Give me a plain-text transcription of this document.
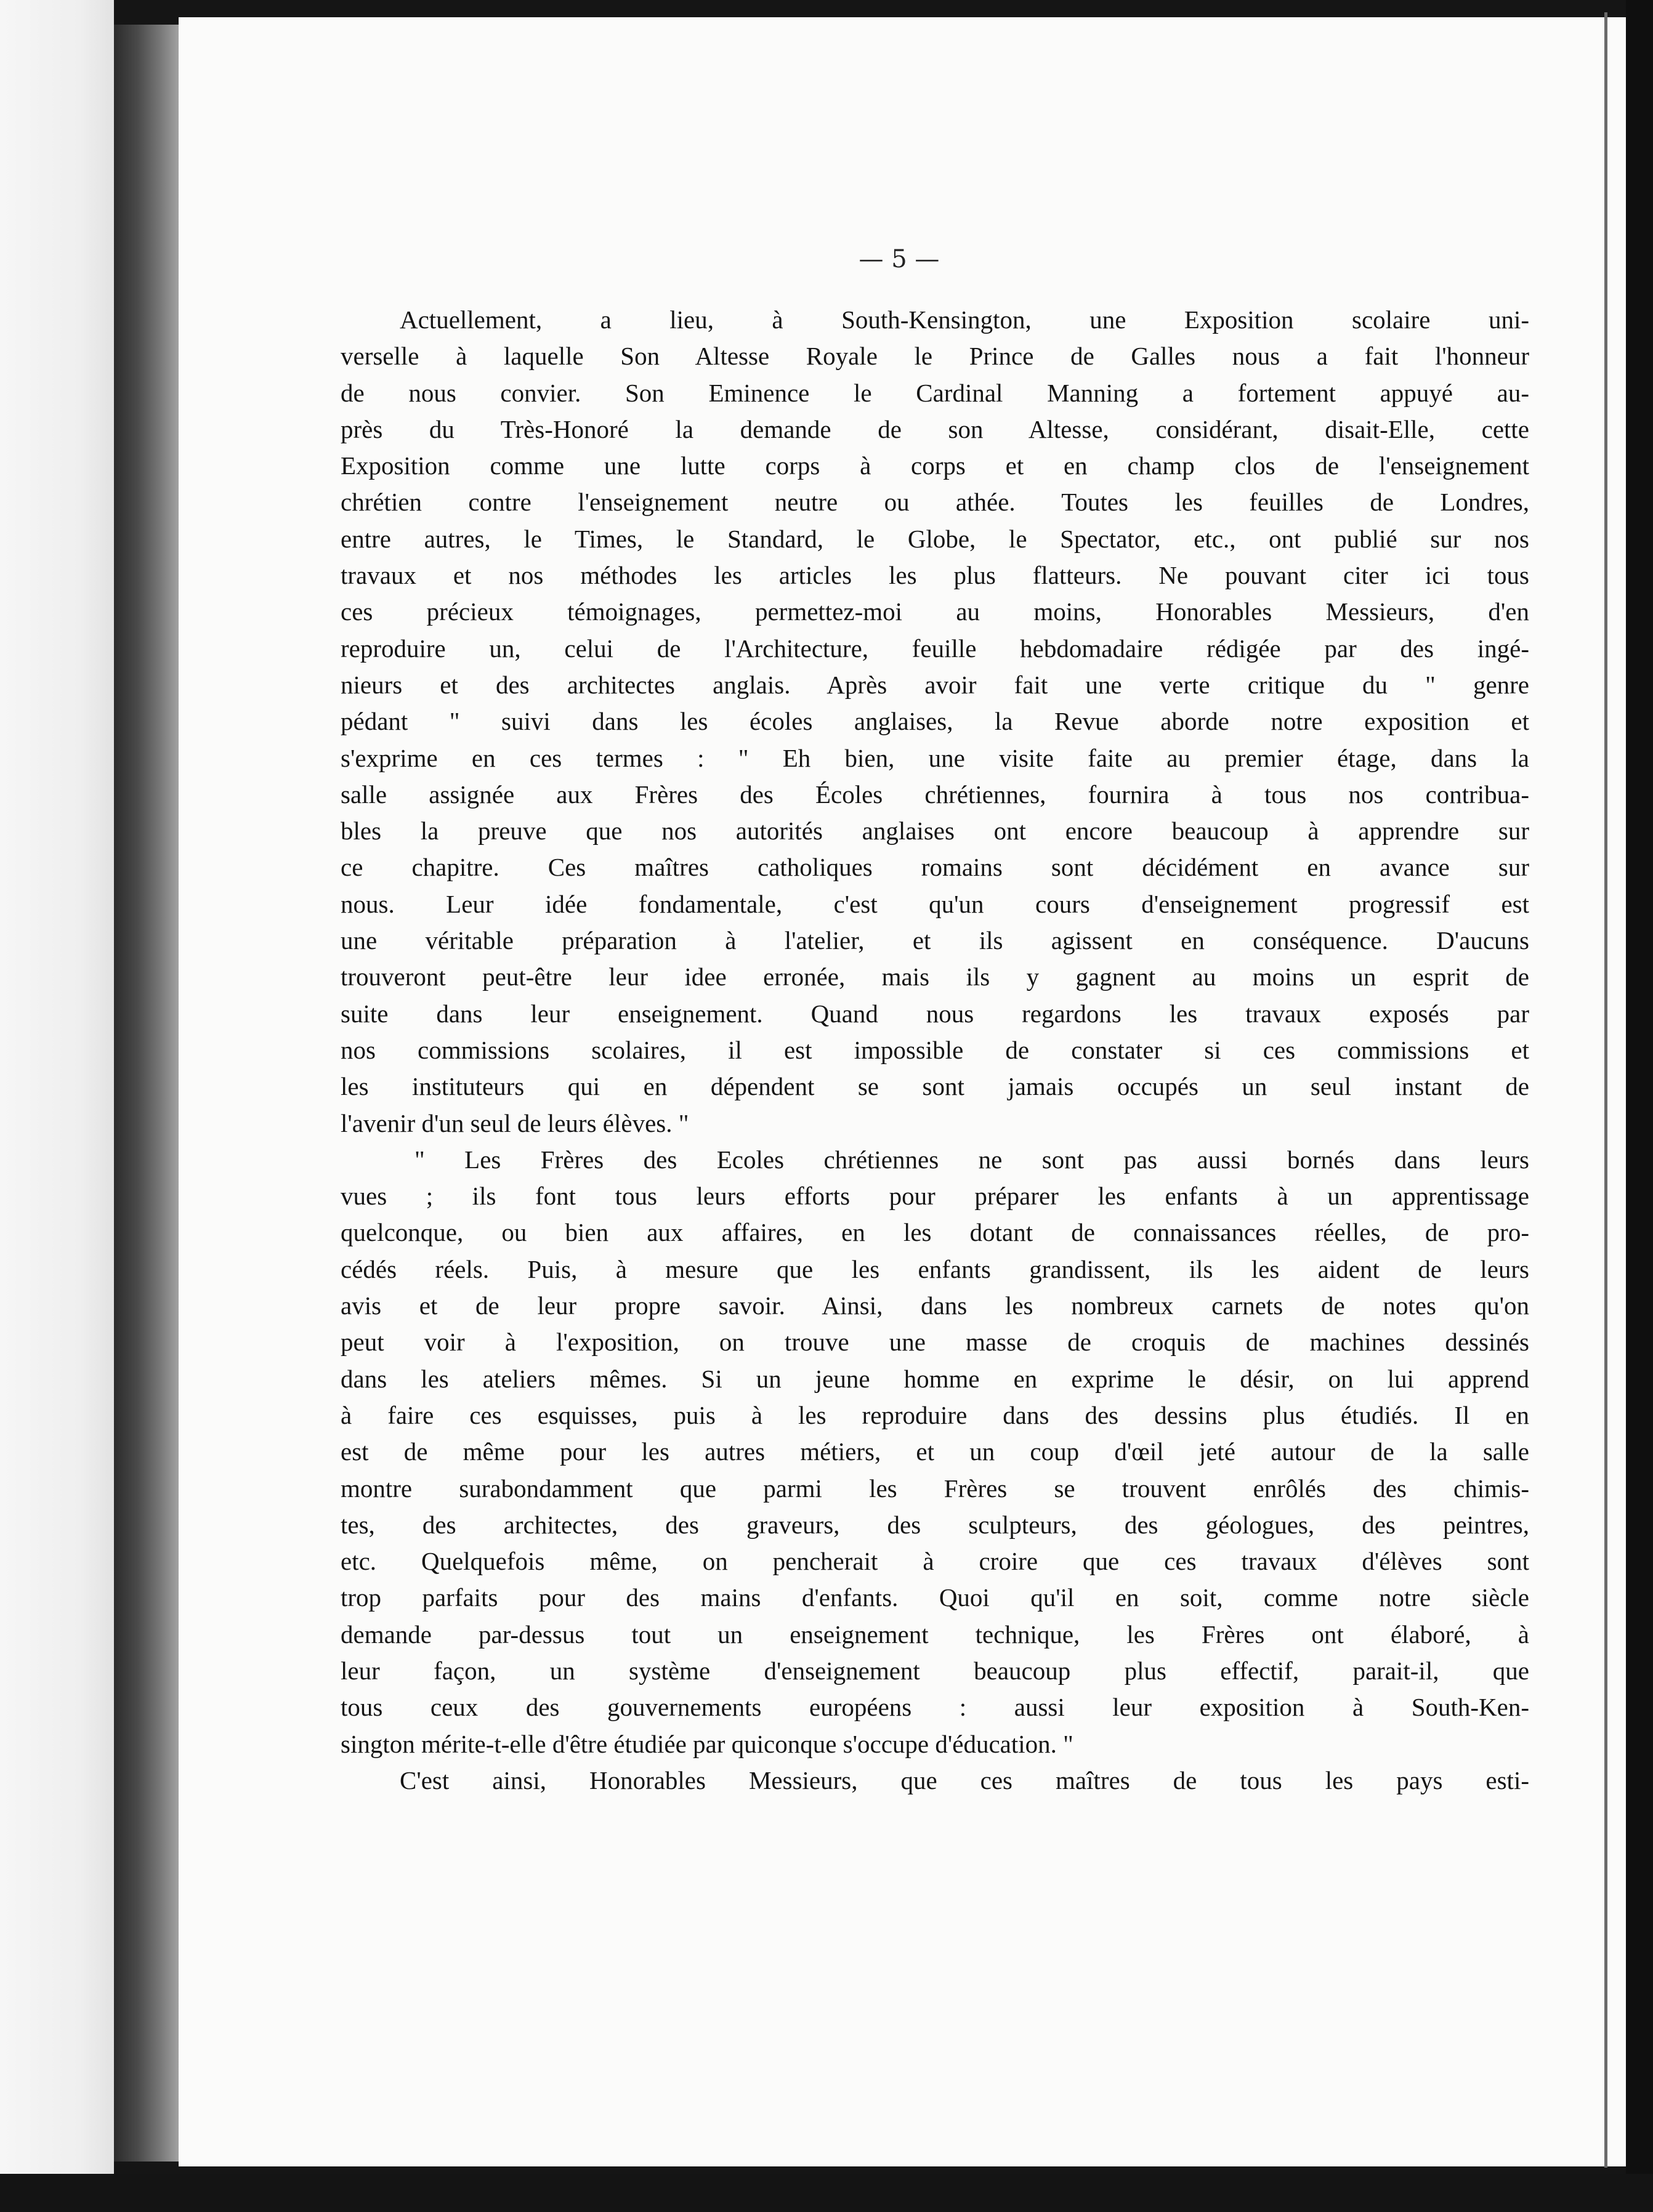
— 5 —

Actuellement, a lieu, à South-Kensington, une Exposition scolaire uni-
verselle à laquelle Son Altesse Royale le Prince de Galles nous a fait l'honneur
de nous convier. Son Eminence le Cardinal Manning a fortement appuyé au-
près du Très-Honoré la demande de son Altesse, considérant, disait-Elle, cette
Exposition comme une lutte corps à corps et en champ clos de l'enseignement
chrétien contre l'enseignement neutre ou athée. Toutes les feuilles de Londres,
entre autres, le Times, le Standard, le Globe, le Spectator, etc., ont publié sur nos
travaux et nos méthodes les articles les plus flatteurs. Ne pouvant citer ici tous
ces précieux témoignages, permettez-moi au moins, Honorables Messieurs, d'en
reproduire un, celui de l'Architecture, feuille hebdomadaire rédigée par des ingé-
nieurs et des architectes anglais. Après avoir fait une verte critique du " genre
pédant " suivi dans les écoles anglaises, la Revue aborde notre exposition et
s'exprime en ces termes : " Eh bien, une visite faite au premier étage, dans la
salle assignée aux Frères des Écoles chrétiennes, fournira à tous nos contribua-
bles la preuve que nos autorités anglaises ont encore beaucoup à apprendre sur
ce chapitre. Ces maîtres catholiques romains sont décidément en avance sur
nous. Leur idée fondamentale, c'est qu'un cours d'enseignement progressif est
une véritable préparation à l'atelier, et ils agissent en conséquence. D'aucuns
trouveront peut-être leur idee erronée, mais ils y gagnent au moins un esprit de
suite dans leur enseignement. Quand nous regardons les travaux exposés par
nos commissions scolaires, il est impossible de constater si ces commissions et
les instituteurs qui en dépendent se sont jamais occupés un seul instant de
l'avenir d'un seul de leurs élèves. "
" Les Frères des Ecoles chrétiennes ne sont pas aussi bornés dans leurs
vues ; ils font tous leurs efforts pour préparer les enfants à un apprentissage
quelconque, ou bien aux affaires, en les dotant de connaissances réelles, de pro-
cédés réels. Puis, à mesure que les enfants grandissent, ils les aident de leurs
avis et de leur propre savoir. Ainsi, dans les nombreux carnets de notes qu'on
peut voir à l'exposition, on trouve une masse de croquis de machines dessinés
dans les ateliers mêmes. Si un jeune homme en exprime le désir, on lui apprend
à faire ces esquisses, puis à les reproduire dans des dessins plus étudiés. Il en
est de même pour les autres métiers, et un coup d'œil jeté autour de la salle
montre surabondamment que parmi les Frères se trouvent enrôlés des chimis-
tes, des architectes, des graveurs, des sculpteurs, des géologues, des peintres,
etc. Quelquefois même, on pencherait à croire que ces travaux d'élèves sont
trop parfaits pour des mains d'enfants. Quoi qu'il en soit, comme notre siècle
demande par-dessus tout un enseignement technique, les Frères ont élaboré, à
leur façon, un système d'enseignement beaucoup plus effectif, parait-il, que
tous ceux des gouvernements européens : aussi leur exposition à South-Ken-
sington mérite-t-elle d'être étudiée par quiconque s'occupe d'éducation. "
C'est ainsi, Honorables Messieurs, que ces maîtres de tous les pays esti-
